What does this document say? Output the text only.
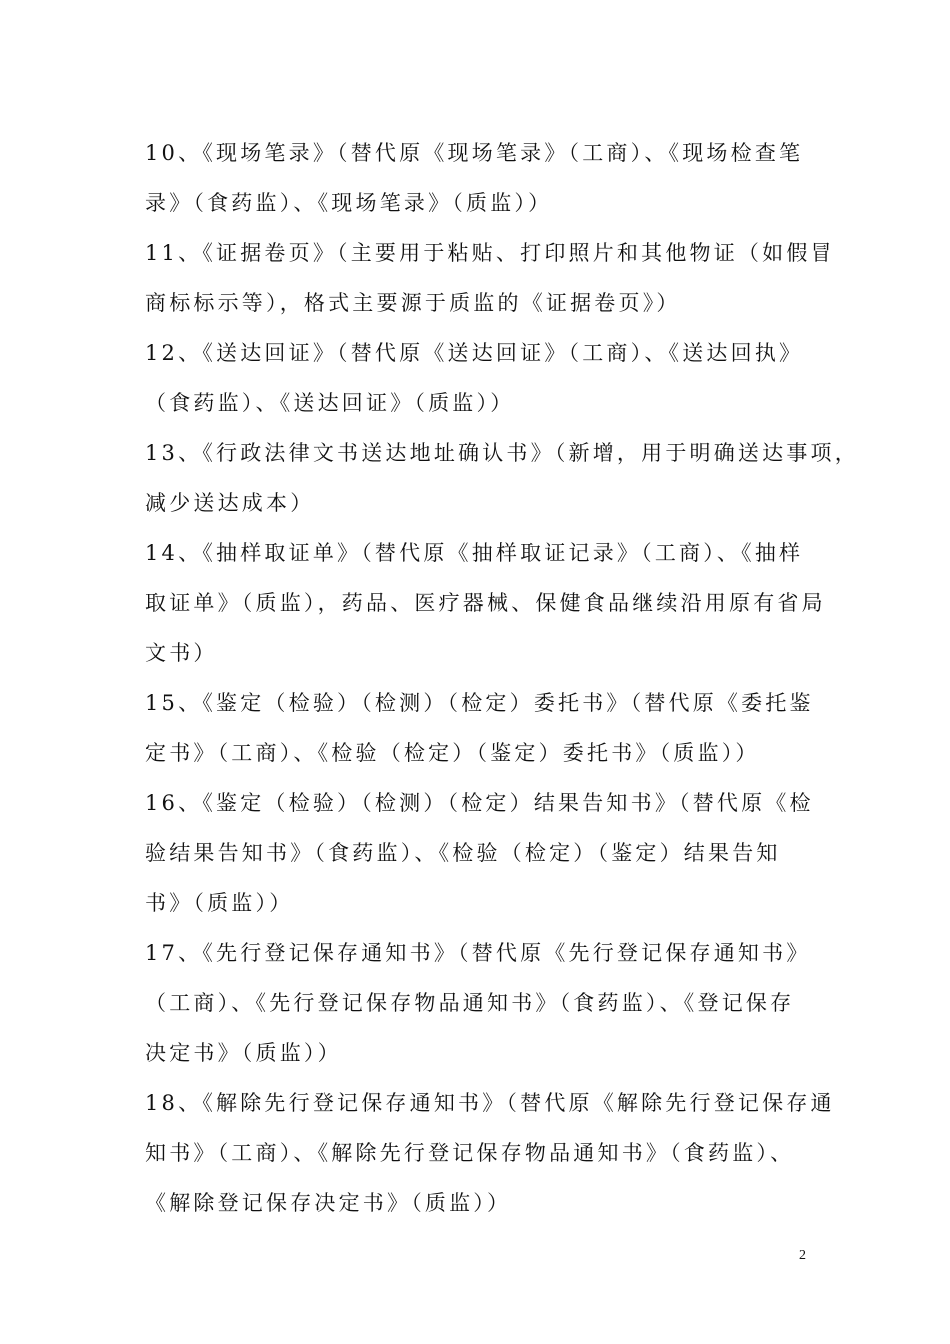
10、《现场笔录》（替代原《现场笔录》（工商）、《现场检查笔
录》（食药监）、《现场笔录》（质监））

11、《证据卷页》（主要用于粘贴、打印照片和其他物证（如假冒
商标标示等），格式主要源于质监的《证据卷页》）

12、《送达回证》（替代原《送达回证》（工商）、《送达回执》
（食药监）、《送达回证》（质监））

13、《行政法律文书送达地址确认书》（新增，用于明确送达事项，
减少送达成本）

14、《抽样取证单》（替代原《抽样取证记录》（工商）、《抽样
取证单》（质监），药品、医疗器械、保健食品继续沿用原有省局
文书）

15、《鉴定（检验）（检测）（检定）委托书》（替代原《委托鉴
定书》（工商）、《检验（检定）（鉴定）委托书》（质监））

16、《鉴定（检验）（检测）（检定）结果告知书》（替代原《检
验结果告知书》（食药监）、《检验（检定）（鉴定）结果告知
书》（质监））

17、《先行登记保存通知书》（替代原《先行登记保存通知书》
（工商）、《先行登记保存物品通知书》（食药监）、《登记保存
决定书》（质监））

18、《解除先行登记保存通知书》（替代原《解除先行登记保存通
知书》（工商）、《解除先行登记保存物品通知书》（食药监）、
《解除登记保存决定书》（质监））

2
